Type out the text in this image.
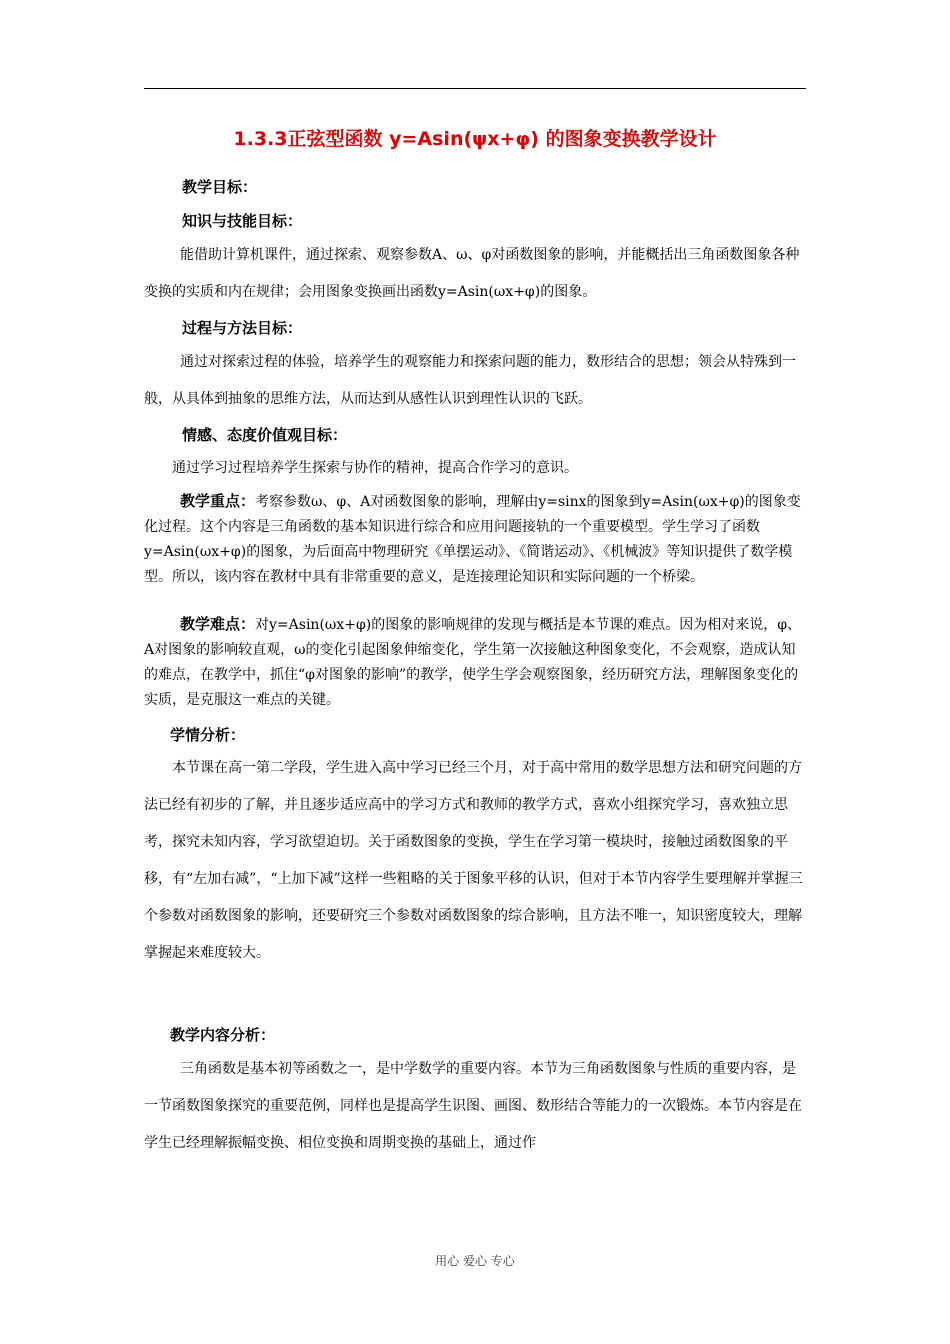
1.3.3正弦型函数 y=Asin(ψx+φ) 的图象变换教学设计
教学目标：
知识与技能目标：

能借助计算机课件，通过探索、观察参数A、ω、φ对函数图象的影响，并能概括出三角函数图象各种变换的实质和内在规律；会用图象变换画出函数y=Asin(ωx+φ)的图象。

过程与方法目标：

通过对探索过程的体验，培养学生的观察能力和探索问题的能力，数形结合的思想；领会从特殊到一般，从具体到抽象的思维方法，从而达到从感性认识到理性认识的飞跃。

情感、态度价值观目标：

通过学习过程培养学生探索与协作的精神，提高合作学习的意识。

教学重点：考察参数ω、φ、A对函数图象的影响，理解由y=sinx的图象到y=Asin(ωx+φ)的图象变化过程。这个内容是三角函数的基本知识进行综合和应用问题接轨的一个重要模型。学生学习了函数y=Asin(ωx+φ)的图象，为后面高中物理研究《单摆运动》、《简谐运动》、《机械波》等知识提供了数学模型。所以，该内容在教材中具有非常重要的意义，是连接理论知识和实际问题的一个桥梁。

教学难点：对y=Asin(ωx+φ)的图象的影响规律的发现与概括是本节课的难点。因为相对来说，φ、A对图象的影响较直观，ω的变化引起图象伸缩变化，学生第一次接触这种图象变化，不会观察，造成认知的难点，在教学中，抓住“φ对图象的影响”的教学，使学生学会观察图象，经历研究方法，理解图象变化的实质，是克服这一难点的关键。

学情分析：

本节课在高一第二学段，学生进入高中学习已经三个月，对于高中常用的数学思想方法和研究问题的方法已经有初步的了解，并且逐步适应高中的学习方式和教师的教学方式，喜欢小组探究学习，喜欢独立思考，探究未知内容，学习欲望迫切。关于函数图象的变换，学生在学习第一模块时，接触过函数图象的平移，有“左加右减”，“上加下减”这样一些粗略的关于图象平移的认识，但对于本节内容学生要理解并掌握三个参数对函数图象的影响，还要研究三个参数对函数图象的综合影响，且方法不唯一，知识密度较大，理解掌握起来难度较大。

教学内容分析：

三角函数是基本初等函数之一，是中学数学的重要内容。本节为三角函数图象与性质的重要内容，是一节函数图象探究的重要范例，同样也是提高学生识图、画图、数形结合等能力的一次锻炼。本节内容是在学生已经理解振幅变换、相位变换和周期变换的基础上，通过作

用心 爱心 专心
